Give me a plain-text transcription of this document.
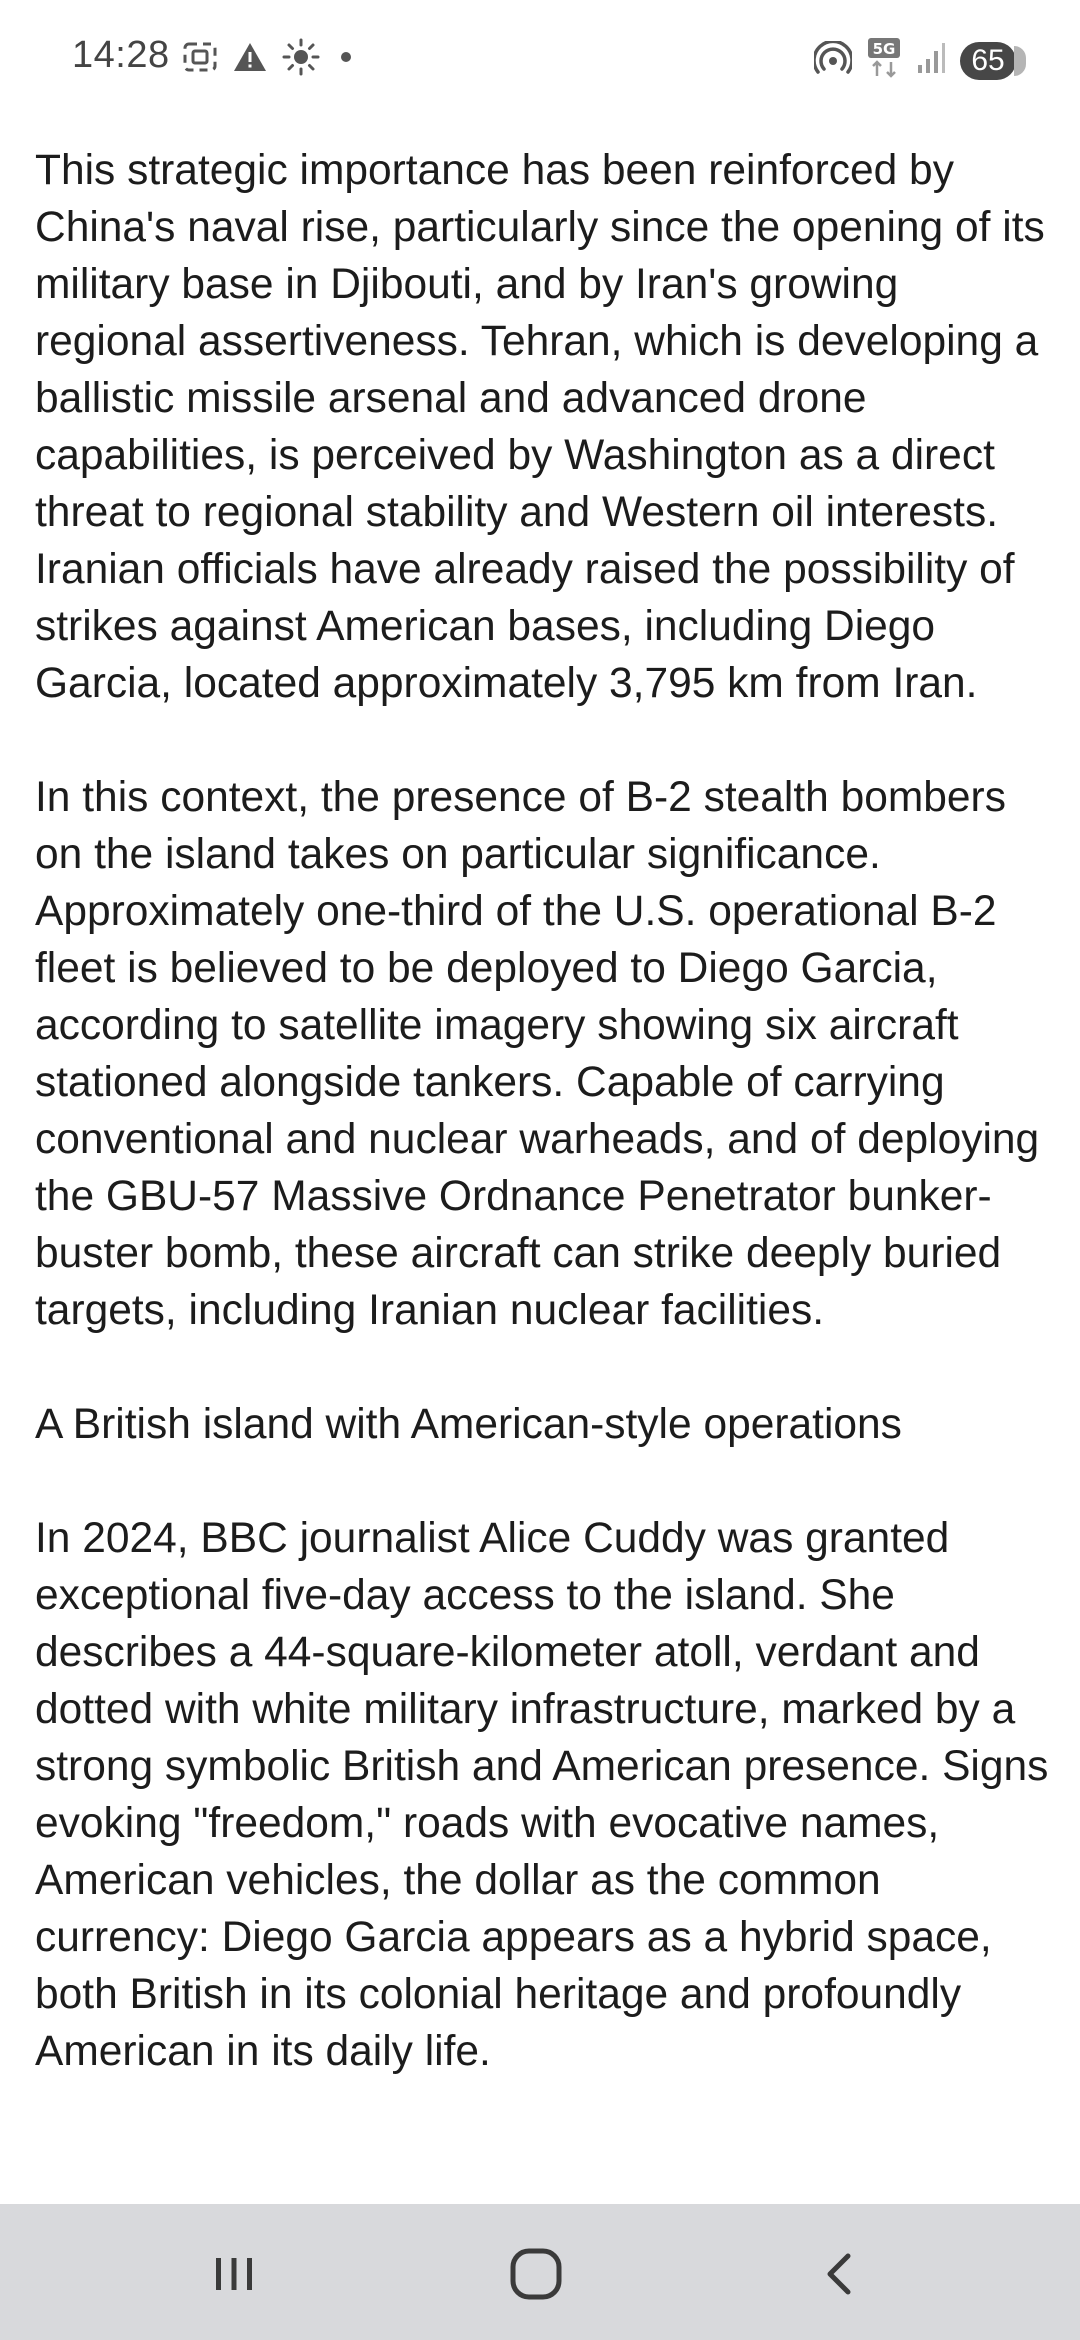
14:28	5G	65

This strategic importance has been reinforced by China's naval rise, particularly since the opening of its military base in Djibouti, and by Iran's growing regional assertiveness. Tehran, which is developing a ballistic missile arsenal and advanced drone capabilities, is perceived by Washington as a direct threat to regional stability and Western oil interests. Iranian officials have already raised the possibility of strikes against American bases, including Diego Garcia, located approximately 3,795 km from Iran.

In this context, the presence of B-2 stealth bombers on the island takes on particular significance. Approximately one-third of the U.S. operational B-2 fleet is believed to be deployed to Diego Garcia, according to satellite imagery showing six aircraft stationed alongside tankers. Capable of carrying conventional and nuclear warheads, and of deploying the GBU-57 Massive Ordnance Penetrator bunker-buster bomb, these aircraft can strike deeply buried targets, including Iranian nuclear facilities.

A British island with American-style operations

In 2024, BBC journalist Alice Cuddy was granted exceptional five-day access to the island. She describes a 44-square-kilometer atoll, verdant and dotted with white military infrastructure, marked by a strong symbolic British and American presence. Signs evoking "freedom," roads with evocative names, American vehicles, the dollar as the common currency: Diego Garcia appears as a hybrid space, both British in its colonial heritage and profoundly American in its daily life.
